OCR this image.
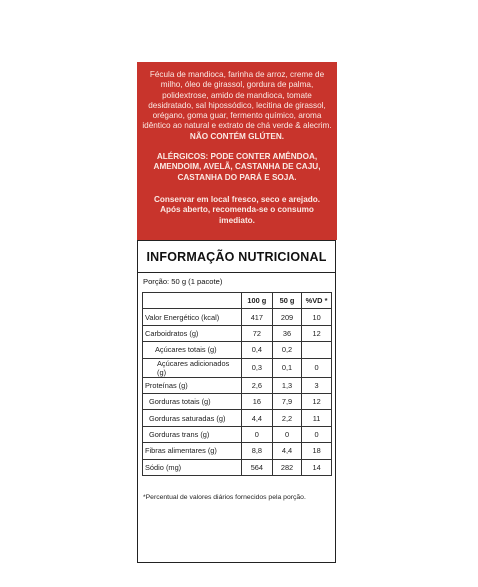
Fécula de mandioca, farinha de arroz, creme de milho, óleo de girassol, gordura de palma, polidextrose, amido de mandioca, tomate desidratado, sal hipossódico, lecitina de girassol, orégano, goma guar, fermento químico, aroma idêntico ao natural e extrato de chá verde & alecrim.
NÃO CONTÉM GLÚTEN.
ALÉRGICOS: PODE CONTER AMÊNDOA, AMENDOIM, AVELÃ, CASTANHA DE CAJU, CASTANHA DO PARÁ E SOJA.
Conservar em local fresco, seco e arejado. Após aberto, recomenda-se o consumo imediato.
INFORMAÇÃO NUTRICIONAL
Porção: 50 g (1 pacote)
	100 g	50 g	%VD *
Valor Energético (kcal)	417	209	10
Carboidratos (g)	72	36	12
Açúcares totais (g)	0,4	0,2	
Açúcares adicionados (g)	0,3	0,1	0
Proteínas (g)	2,6	1,3	3
Gorduras totais (g)	16	7,9	12
Gorduras saturadas (g)	4,4	2,2	11
Gorduras trans (g)	0	0	0
Fibras alimentares (g)	8,8	4,4	18
Sódio (mg)	564	282	14
*Percentual de valores diários fornecidos pela porção.
